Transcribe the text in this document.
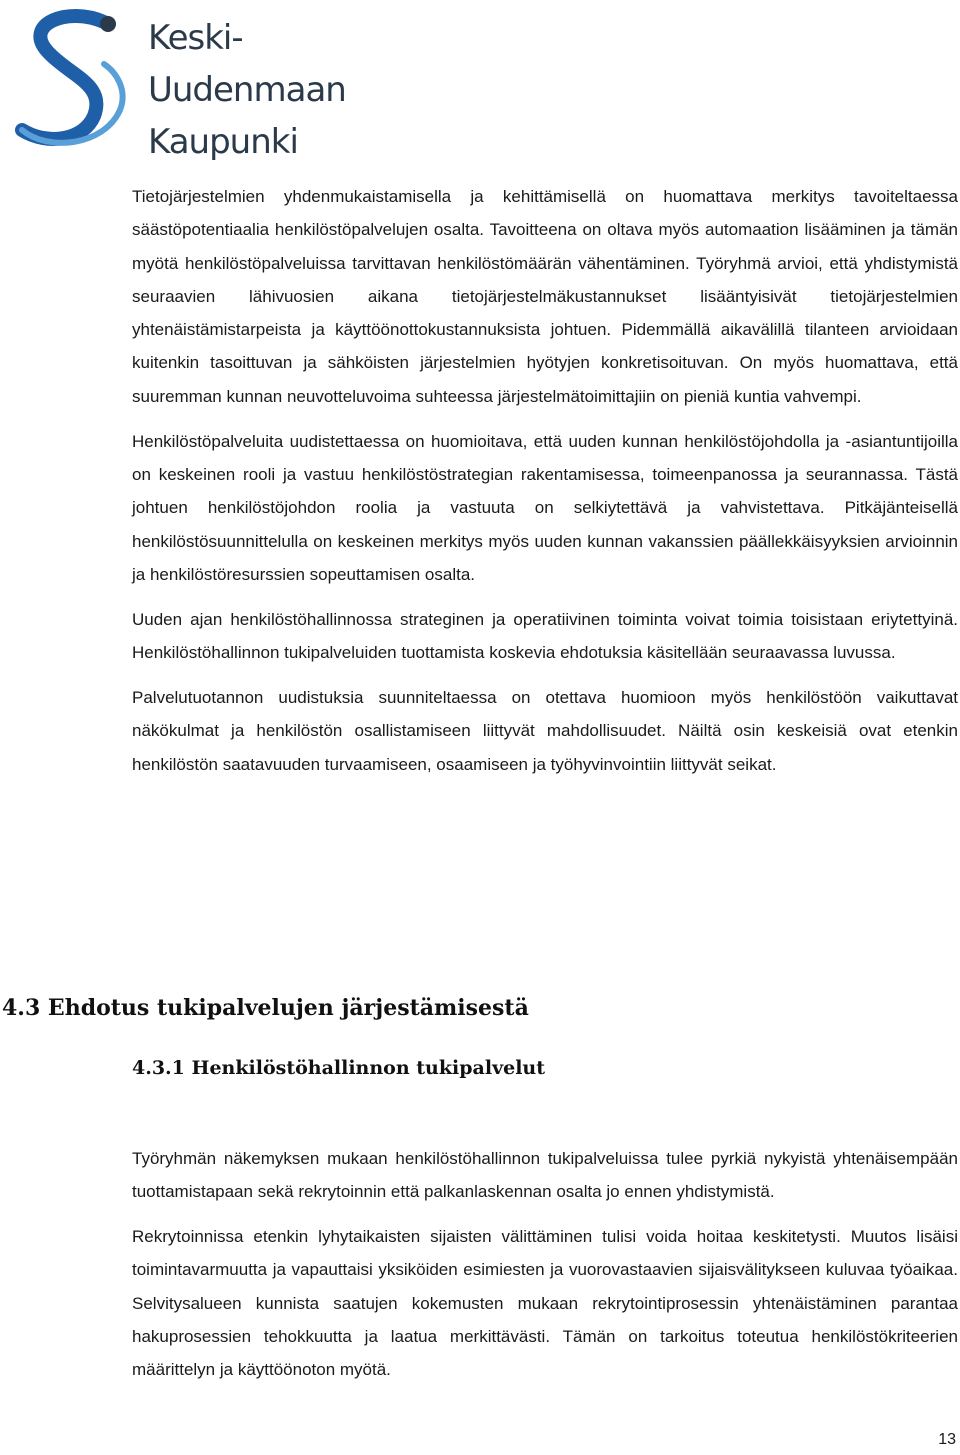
Keski-
Uudenmaan
Kaupunki

Tietojärjestelmien yhdenmukaistamisella ja kehittämisellä on huomattava merkitys tavoiteltaessa säästöpotentiaalia henkilöstöpalvelujen osalta. Tavoitteena on oltava myös automaation lisääminen ja tämän myötä henkilöstöpalveluissa tarvittavan henkilöstömäärän vähentäminen. Työryhmä arvioi, että yhdistymistä seuraavien lähivuosien aikana tietojärjestelmäkustannukset lisääntyisivät tietojärjestelmien yhtenäistämistarpeista ja käyttöönottokustannuksista johtuen. Pidemmällä aikavälillä tilanteen arvioidaan kuitenkin tasoittuvan ja sähköisten järjestelmien hyötyjen konkretisoituvan. On myös huomattava, että suuremman kunnan neuvotteluvoima suhteessa järjestelmätoimittajiin on pieniä kuntia vahvempi.

Henkilöstöpalveluita uudistettaessa on huomioitava, että uuden kunnan henkilöstöjohdolla ja -asiantuntijoilla on keskeinen rooli ja vastuu henkilöstöstrategian rakentamisessa, toimeenpanossa ja seurannassa. Tästä johtuen henkilöstöjohdon roolia ja vastuuta on selkiytettävä ja vahvistettava. Pitkäjänteisellä henkilöstösuunnittelulla on keskeinen merkitys myös uuden kunnan vakanssien päällekkäisyyksien arvioinnin ja henkilöstöresurssien sopeuttamisen osalta.

Uuden ajan henkilöstöhallinnossa strateginen ja operatiivinen toiminta voivat toimia toisistaan eriytettyinä. Henkilöstöhallinnon tukipalveluiden tuottamista koskevia ehdotuksia käsitellään seuraavassa luvussa.

Palvelutuotannon uudistuksia suunniteltaessa on otettava huomioon myös henkilöstöön vaikuttavat näkökulmat ja henkilöstön osallistamiseen liittyvät mahdollisuudet. Näiltä osin keskeisiä ovat etenkin henkilöstön saatavuuden turvaamiseen, osaamiseen ja työhyvinvointiin liittyvät seikat.

4.3 Ehdotus tukipalvelujen järjestämisestä
4.3.1 Henkilöstöhallinnon tukipalvelut

Työryhmän näkemyksen mukaan henkilöstöhallinnon tukipalveluissa tulee pyrkiä nykyistä yhtenäisempään tuottamistapaan sekä rekrytoinnin että palkanlaskennan osalta jo ennen yhdistymistä.

Rekrytoinnissa etenkin lyhytaikaisten sijaisten välittäminen tulisi voida hoitaa keskitetysti. Muutos lisäisi toimintavarmuutta ja vapauttaisi yksiköiden esimiesten ja vuorovastaavien sijaisvälitykseen kuluvaa työaikaa. Selvitysalueen kunnista saatujen kokemusten mukaan rekrytointiprosessin yhtenäistäminen parantaa hakuprosessien tehokkuutta ja laatua merkittävästi. Tämän on tarkoitus toteutua henkilöstökriteerien määrittelyn ja käyttöönoton myötä.

13
